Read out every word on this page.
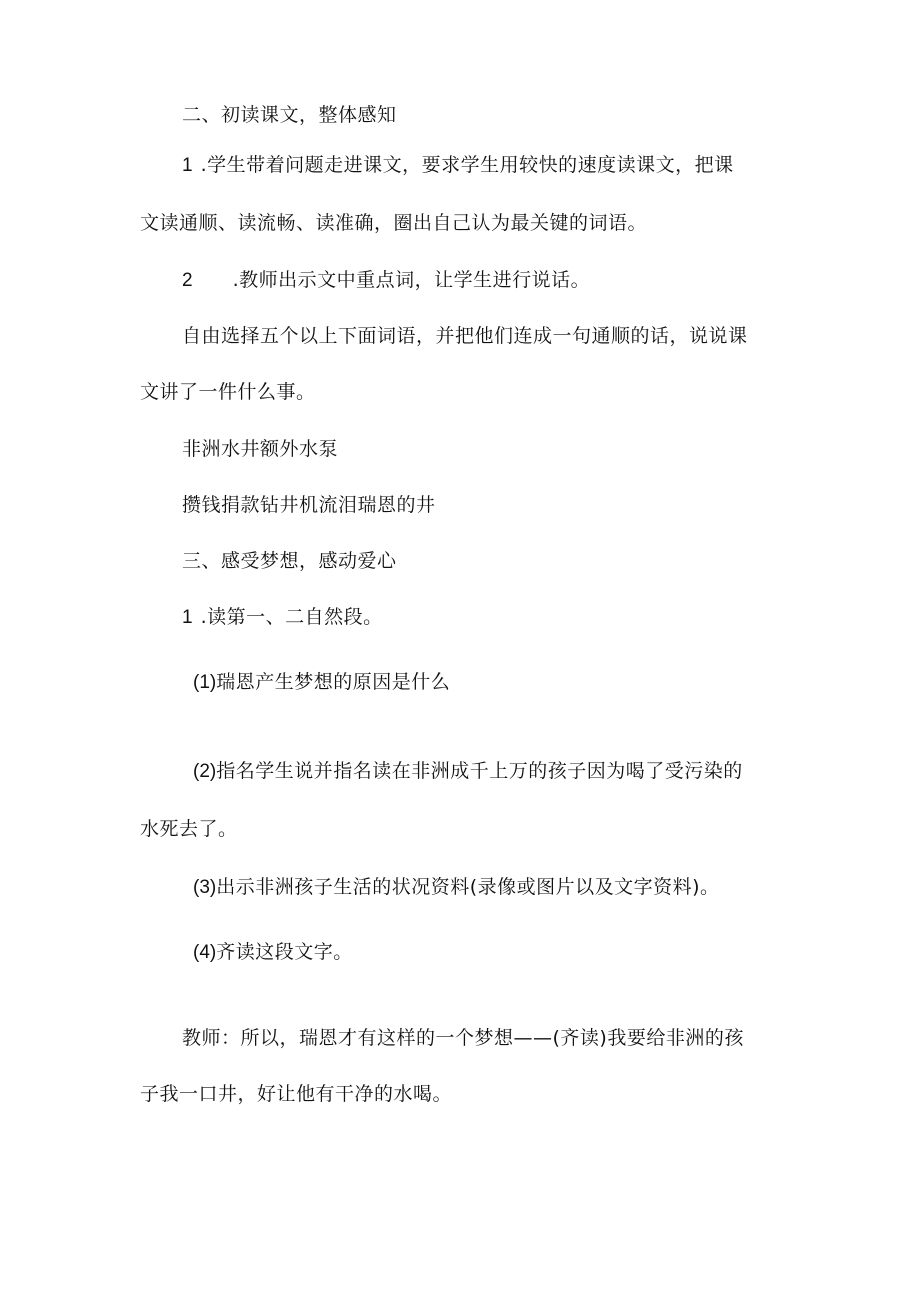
二、初读课文，整体感知
1 .学生带着问题走进课文，要求学生用较快的速度读课文，把课
文读通顺、读流畅、读准确，圈出自己认为最关键的词语。
2 .教师出示文中重点词，让学生进行说话。
自由选择五个以上下面词语，并把他们连成一句通顺的话，说说课
文讲了一件什么事。
非洲水井额外水泵
攒钱捐款钻井机流泪瑞恩的井
三、感受梦想，感动爱心
1 .读第一、二自然段。
(1)瑞恩产生梦想的原因是什么
(2)指名学生说并指名读在非洲成千上万的孩子因为喝了受污染的
水死去了。
(3)出示非洲孩子生活的状况资料(录像或图片以及文字资料)。
(4)齐读这段文字。
教师：所以，瑞恩才有这样的一个梦想——(齐读)我要给非洲的孩
子我一口井，好让他有干净的水喝。
